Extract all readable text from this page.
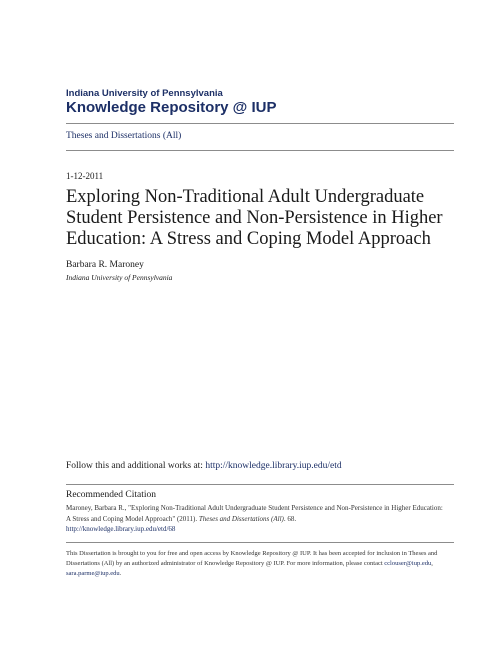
Indiana University of Pennsylvania
Knowledge Repository @ IUP
Theses and Dissertations (All)
1-12-2011
Exploring Non-Traditional Adult Undergraduate Student Persistence and Non-Persistence in Higher Education: A Stress and Coping Model Approach
Barbara R. Maroney
Indiana University of Pennsylvania
Follow this and additional works at: http://knowledge.library.iup.edu/etd
Recommended Citation
Maroney, Barbara R., "Exploring Non-Traditional Adult Undergraduate Student Persistence and Non-Persistence in Higher Education: A Stress and Coping Model Approach" (2011). Theses and Dissertations (All). 68.
http://knowledge.library.iup.edu/etd/68
This Dissertation is brought to you for free and open access by Knowledge Repository @ IUP. It has been accepted for inclusion in Theses and Dissertations (All) by an authorized administrator of Knowledge Repository @ IUP. For more information, please contact cclouser@iup.edu, sara.parme@iup.edu.
